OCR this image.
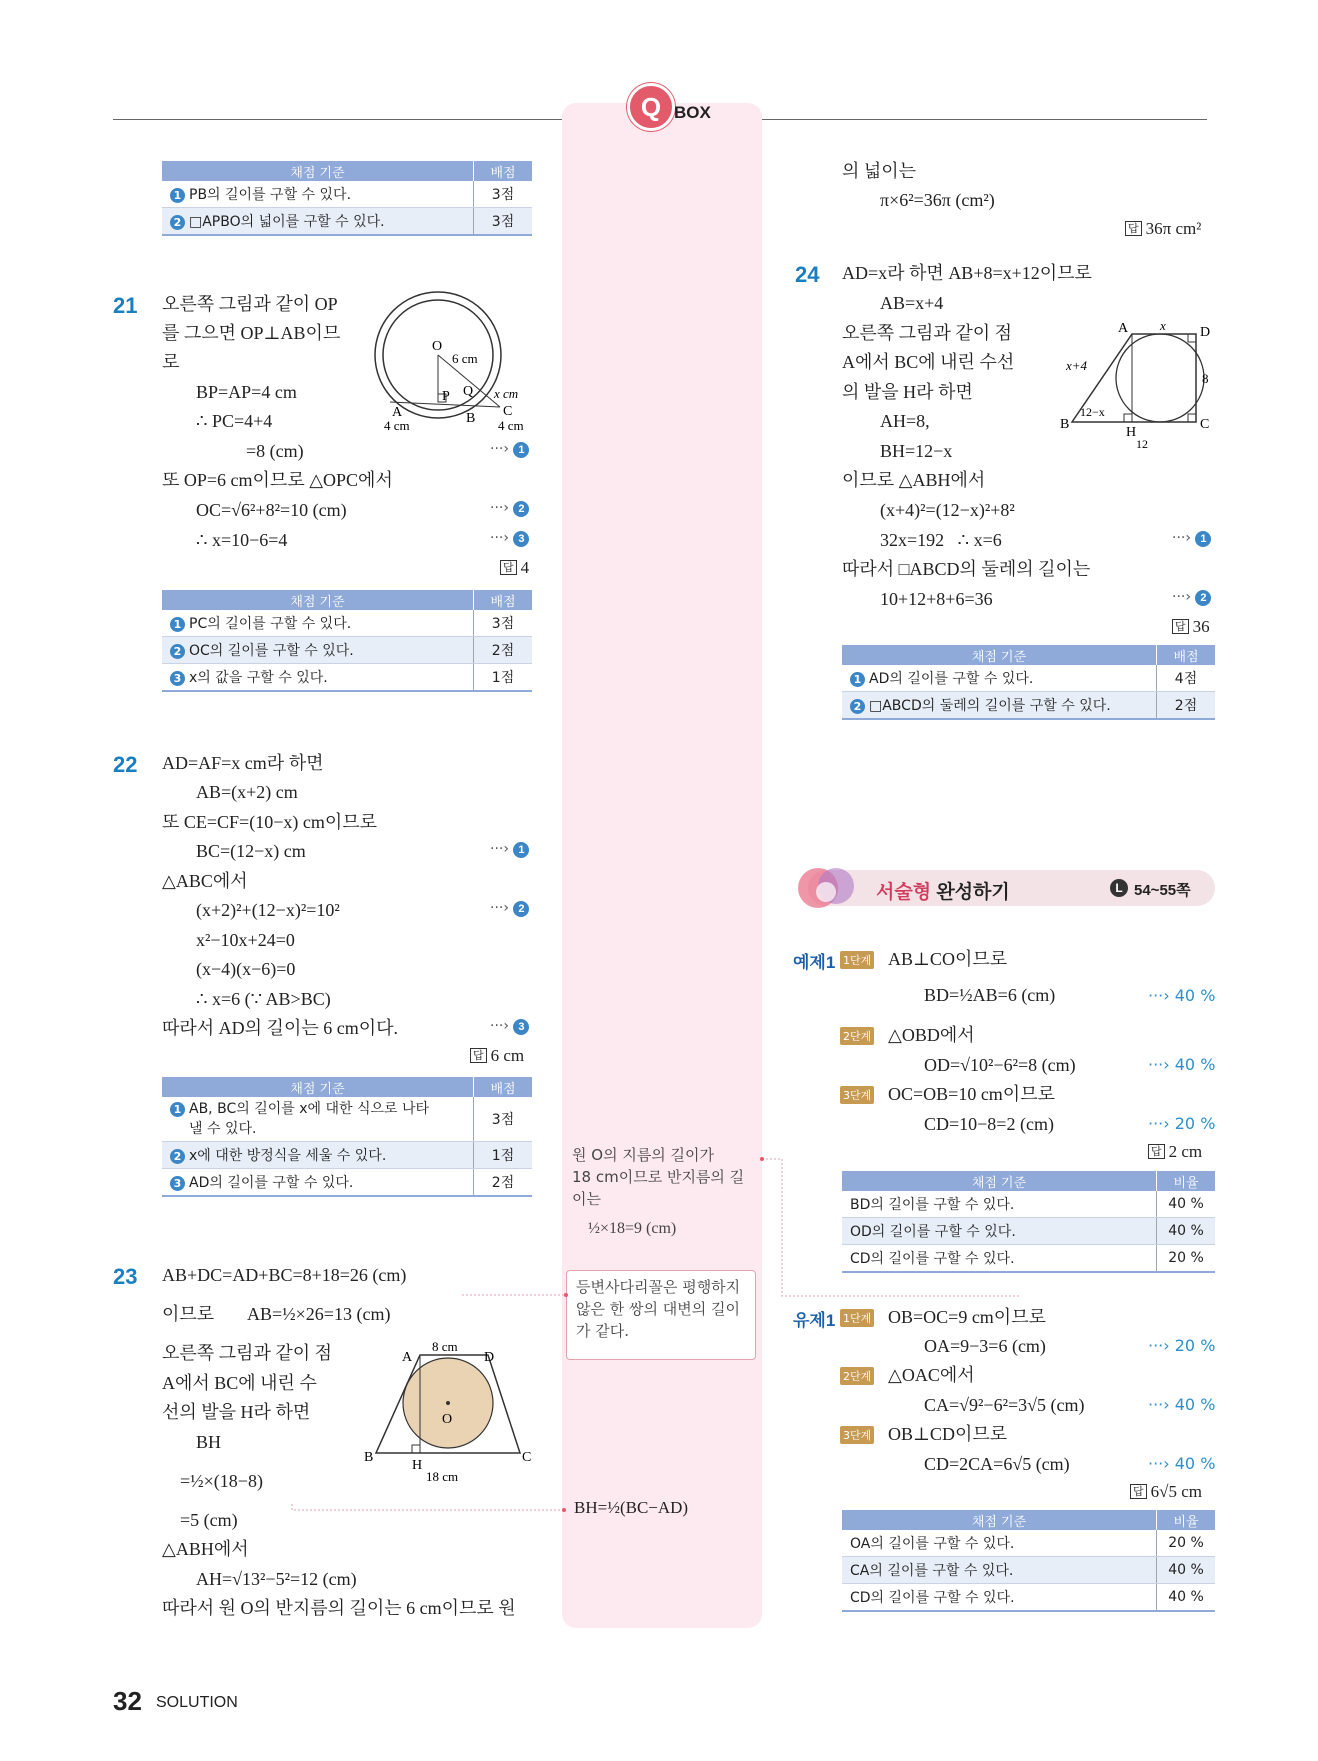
Q BOX
채점 기준	배점
1 PB의 길이를 구할 수 있다.	3점
2 □APBO의 넓이를 구할 수 있다.	3점
21 오른쪽 그림과 같이 OP
를 그으면 OP⊥AB이므
로
BP=AP=4 cm
∴ PC=4+4
=8 (cm)	···› 1
또 OP=6 cm이므로 △OPC에서
OC=√6²+8²=10 (cm)	···› 2
∴ x=10−6=4	···› 3
답 4
O
6 cm
Q x cm
P
C
A	B
4 cm	4 cm
채점 기준	배점
1 PC의 길이를 구할 수 있다.	3점
2 OC의 길이를 구할 수 있다.	2점
3 x의 값을 구할 수 있다.	1점
22 AD=AF=x cm라 하면
AB=(x+2) cm
또 CE=CF=(10−x) cm이므로
BC=(12−x) cm	···› 1
△ABC에서
(x+2)²+(12−x)²=10²	···› 2
x²−10x+24=0
(x−4)(x−6)=0
∴ x=6 (∵ AB>BC)
따라서 AD의 길이는 6 cm이다.	···› 3
답 6 cm
채점 기준	배점
1 AB, BC의 길이를 x에 대한 식으로 나타
낼 수 있다.	3점
2 x에 대한 방정식을 세울 수 있다.	1점
3 AD의 길이를 구할 수 있다.	2점
23 AB+DC=AD+BC=8+18=26 (cm)
이므로 AB=½×26=13 (cm)
오른쪽 그림과 같이 점
A에서 BC에 내린 수
선의 발을 H라 하면
BH
=½×(18−8)
=5 (cm)
△ABH에서
AH=√13²−5²=12 (cm)
따라서 원 O의 반지름의 길이는 6 cm이므로 원
A
8 cm
D
O
B
H
C
18 cm
원 O의 지름의 길이가
18 cm이므로 반지름의 길
이는
½×18=9 (cm)
등변사다리꼴은 평행하지
않은 한 쌍의 대변의 길이
가 같다.
BH=½(BC−AD)
의 넓이는
π×6²=36π (cm²)
답 36π cm²
24 AD=x라 하면 AB+8=x+12이므로
AB=x+4
오른쪽 그림과 같이 점
A에서 BC에 내린 수선
의 발을 H라 하면
AH=8,
BH=12−x
이므로 △ABH에서
(x+4)²=(12−x)²+8²
32x=192   ∴ x=6	···› 1
따라서 □ABCD의 둘레의 길이는
10+12+8+6=36	···› 2
답 36
A x D
x+4
8
B
12−x
H
C
12
채점 기준	배점
1 AD의 길이를 구할 수 있다.	4점
2 □ABCD의 둘레의 길이를 구할 수 있다.	2점
서술형 완성하기	L 54~55쪽
예제1 1단계 AB⊥CO이므로
BD=½AB=6 (cm)	···› 40 %
2단계 △OBD에서
OD=√10²−6²=8 (cm)	···› 40 %
3단계 OC=OB=10 cm이므로
CD=10−8=2 (cm)	···› 20 %
답 2 cm
채점 기준	비율
BD의 길이를 구할 수 있다.	40 %
OD의 길이를 구할 수 있다.	40 %
CD의 길이를 구할 수 있다.	20 %
유제1 1단계 OB=OC=9 cm이므로
OA=9−3=6 (cm)	···› 20 %
2단계 △OAC에서
CA=√9²−6²=3√5 (cm)	···› 40 %
3단계 OB⊥CD이므로
CD=2CA=6√5 (cm)	···› 40 %
답 6√5 cm
채점 기준	비율
OA의 길이를 구할 수 있다.	20 %
CA의 길이를 구할 수 있다.	40 %
CD의 길이를 구할 수 있다.	40 %
32 SOLUTION
